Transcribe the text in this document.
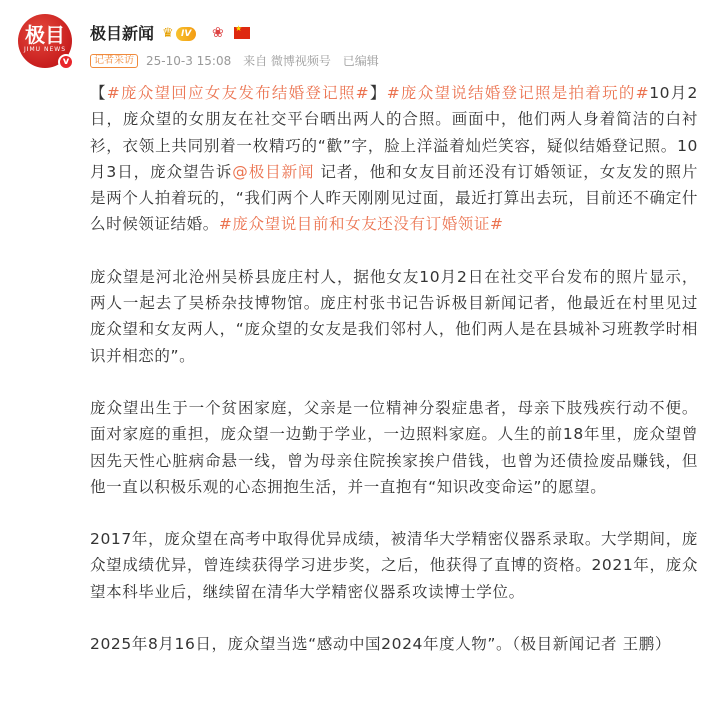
极目
JIMU NEWS
v
极目新闻 ♛ IV	❀
★
记者采访	25-10-3 15:08 来自 微博视频号 已编辑

【#庞众望回应女友发布结婚登记照#】#庞众望说结婚登记照是拍着玩的#10月2日，庞众望的女朋友在社交平台晒出两人的合照。画面中，他们两人身着简洁的白衬衫，衣领上共同别着一枚精巧的“歡”字，脸上洋溢着灿烂笑容，疑似结婚登记照。10月3日，庞众望告诉@极目新闻 记者，他和女友目前还没有订婚领证，女友发的照片是两个人拍着玩的，“我们两个人昨天刚刚见过面，最近打算出去玩，目前还不确定什么时候领证结婚。#庞众望说目前和女友还没有订婚领证#

庞众望是河北沧州吴桥县庞庄村人，据他女友10月2日在社交平台发布的照片显示，两人一起去了吴桥杂技博物馆。庞庄村张书记告诉极目新闻记者，他最近在村里见过庞众望和女友两人，“庞众望的女友是我们邻村人，他们两人是在县城补习班教学时相识并相恋的”。

庞众望出生于一个贫困家庭，父亲是一位精神分裂症患者，母亲下肢残疾行动不便。面对家庭的重担，庞众望一边勤于学业，一边照料家庭。人生的前18年里，庞众望曾因先天性心脏病命悬一线，曾为母亲住院挨家挨户借钱，也曾为还债捡废品赚钱，但他一直以积极乐观的心态拥抱生活，并一直抱有“知识改变命运”的愿望。

2017年，庞众望在高考中取得优异成绩，被清华大学精密仪器系录取。大学期间，庞众望成绩优异，曾连续获得学习进步奖，之后，他获得了直博的资格。2021年，庞众望本科毕业后，继续留在清华大学精密仪器系攻读博士学位。

2025年8月16日，庞众望当选“感动中国2024年度人物”。（极目新闻记者 王鹏）
